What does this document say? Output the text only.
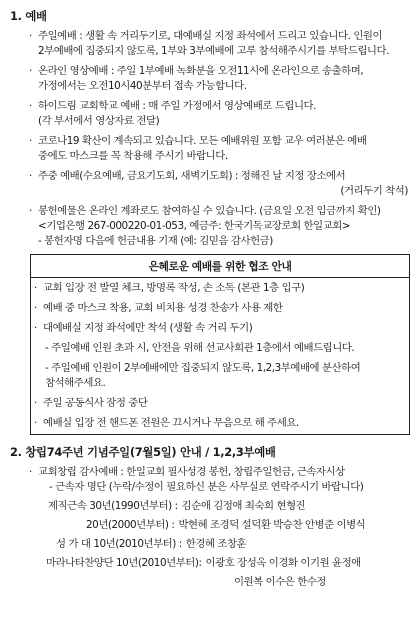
1. 예배
· 주일예배 : 생활 속 거리두기로, 대예배실 지정 좌석에서 드리고 있습니다. 인원이
2부예배에 집중되지 않도록, 1부와 3부예배에 고루 참석해주시기를 부탁드립니다.
· 온라인 영상예배 : 주일 1부예배 녹화분을 오전11시에 온라인으로 송출하며,
가정에서는 오전10시40분부터 접속 가능합니다.
· 하이드림 교회학교 예배 : 매 주일 가정에서 영상예배로 드립니다.
(각 부서에서 영상자료 전달)
· 코로나19 확산이 계속되고 있습니다. 모든 예배위원 포함 교우 여러분은 예배
중에도 마스크를 꼭 착용해 주시기 바랍니다.
· 주중 예배(수요예배, 금요기도회, 새벽기도회) : 정해진 날 지정 장소에서
(거리두기 착석)
· 봉헌예물은 온라인 계좌로도 참여하실 수 있습니다. (금요일 오전 입금까지 확인)
<기업은행 267-000220-01-053, 예금주: 한국기독교장로회 한일교회>
- 봉헌자명 다음에 헌금내용 기재 (예: 김믿음 감사헌금)
은혜로운 예배를 위한 협조 안내
· 교회 입장 전 발열 체크, 방명록 작성, 손 소독 (본관 1층 입구)
· 예배 중 마스크 착용, 교회 비치용 성경 찬송가 사용 제한
· 대예배실 지정 좌석에만 착석 (생활 속 거리 두기)
- 주일예배 인원 초과 시, 안전을 위해 선교사회관 1층에서 예배드립니다.
- 주일예배 인원이 2부예배에만 집중되지 않도록, 1,2,3부예배에 분산하여
참석해주세요.
· 주일 공동식사 잠정 중단
· 예배실 입장 전 핸드폰 전원은 끄시거나 무음으로 해 주세요.
2. 창립74주년 기념주일(7월5일) 안내 / 1,2,3부예배
· 교회창립 감사예배 : 한일교회 필사성경 봉헌, 창립주일헌금, 근속자시상
- 근속자 명단 (누락/수정이 필요하신 분은 사무실로 연락주시기 바랍니다)
제직근속 30년(1990년부터) : 김순애 김정애 최숙희 현형진
20년(2000년부터) : 박현혜 조경덕 설덕환 박승찬 안병준 이병식
성 가 대 10년(2010년부터) : 한경혜 조창훈
마라나타찬양단 10년(2010년부터): 이광호 장성옥 이경화 이기원 윤정애
이원복 이수은 한수정
